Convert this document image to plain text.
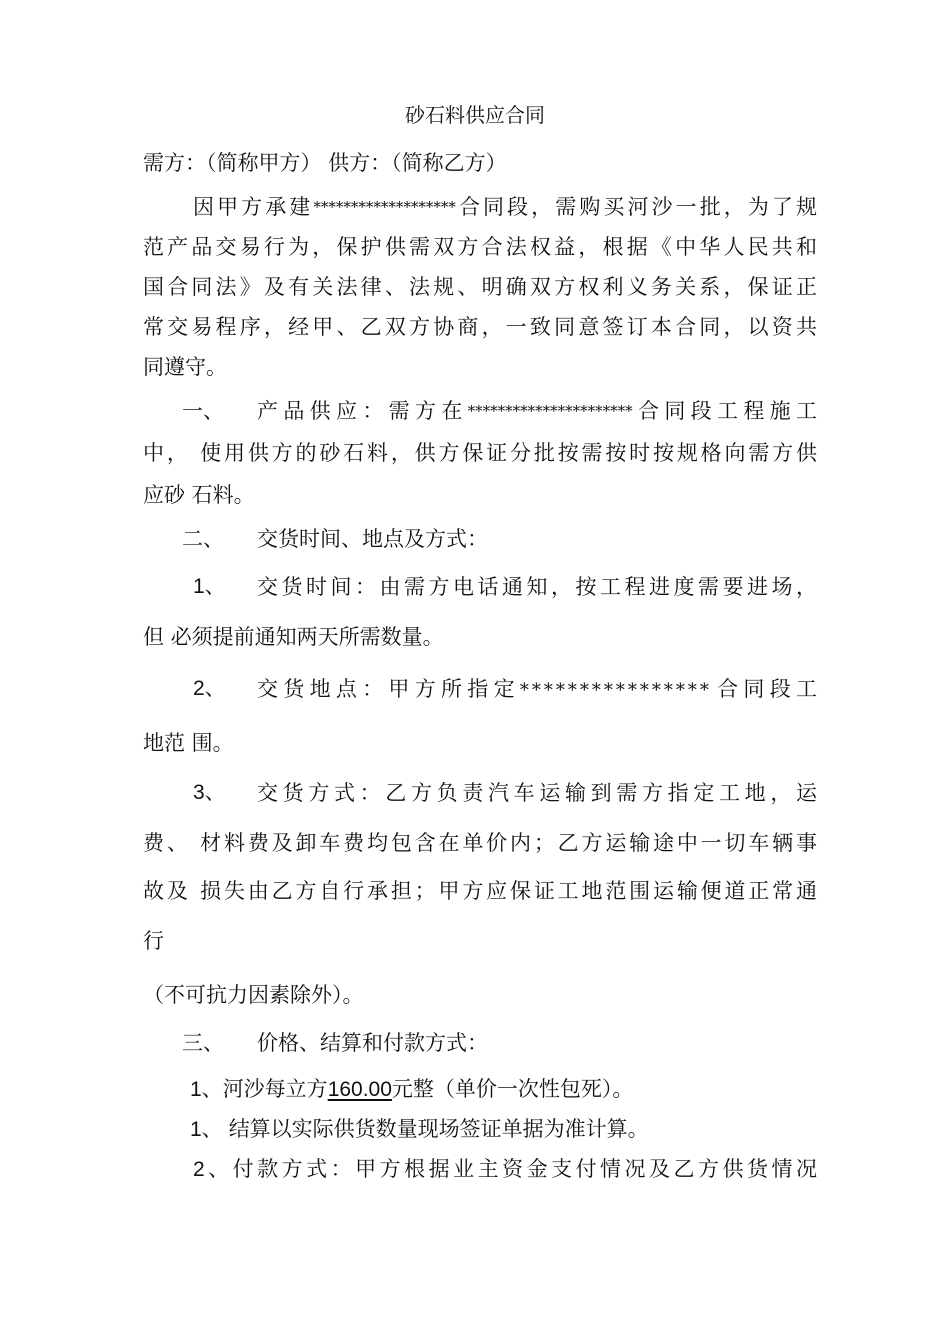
砂石料供应合同
需方：（简称甲方） 供方：（简称乙方）
因甲方承建*******************合同段，需购买河沙一批，为了规
范产品交易行为，保护供需双方合法权益，根据《中华人民共和
国合同法》及有关法律、法规、明确双方权利义务关系，保证正
常交易程序，经甲、乙双方协商，一致同意签订本合同，以资共
同遵守。
一、 产品供应：需方在**********************合同段工程施工
中， 使用供方的砂石料，供方保证分批按需按时按规格向需方供
应砂 石料。
二、 交货时间、地点及方式：
1、 交货时间：由需方电话通知，按工程进度需要进场，
但 必须提前通知两天所需数量。
2、 交货地点：甲方所指定****************合同段工
地范 围。
3、 交货方式：乙方负责汽车运输到需方指定工地，运
费、 材料费及卸车费均包含在单价内；乙方运输途中一切车辆事
故及 损失由乙方自行承担；甲方应保证工地范围运输便道正常通
行
（不可抗力因素除外）。
三、 价格、结算和付款方式：
1、河沙每立方160.00元整（单价一次性包死）。
1、 结算以实际供货数量现场签证单据为准计算。
2、付款方式：甲方根据业主资金支付情况及乙方供货情况
